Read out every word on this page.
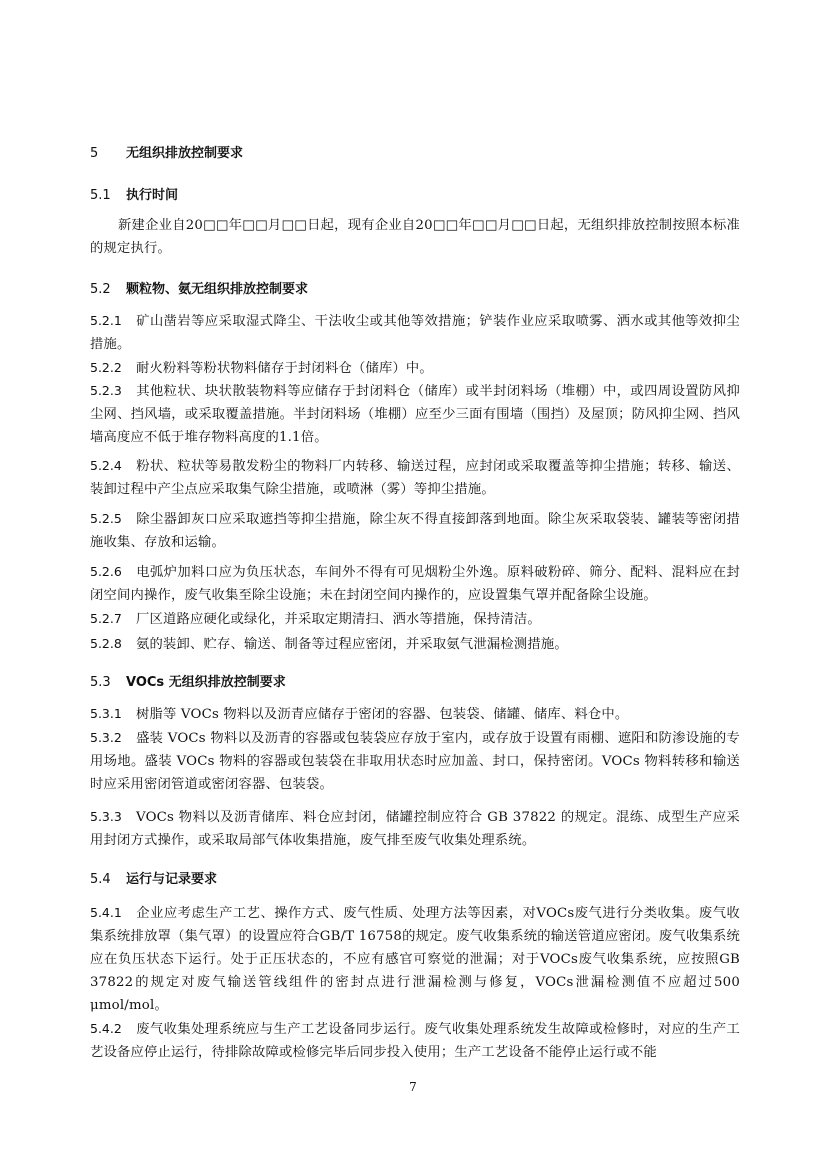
5 无组织排放控制要求
5.1 执行时间
新建企业自20□□年□□月□□日起，现有企业自20□□年□□月□□日起，无组织排放控制按照本标准的规定执行。
5.2 颗粒物、氨无组织排放控制要求
5.2.1 矿山凿岩等应采取湿式降尘、干法收尘或其他等效措施；铲装作业应采取喷雾、洒水或其他等效抑尘措施。
5.2.2 耐火粉料等粉状物料储存于封闭料仓（储库）中。
5.2.3 其他粒状、块状散装物料等应储存于封闭料仓（储库）或半封闭料场（堆棚）中，或四周设置防风抑尘网、挡风墙，或采取覆盖措施。半封闭料场（堆棚）应至少三面有围墙（围挡）及屋顶；防风抑尘网、挡风墙高度应不低于堆存物料高度的1.1倍。
5.2.4 粉状、粒状等易散发粉尘的物料厂内转移、输送过程，应封闭或采取覆盖等抑尘措施；转移、输送、装卸过程中产尘点应采取集气除尘措施，或喷淋（雾）等抑尘措施。
5.2.5 除尘器卸灰口应采取遮挡等抑尘措施，除尘灰不得直接卸落到地面。除尘灰采取袋装、罐装等密闭措施收集、存放和运输。
5.2.6 电弧炉加料口应为负压状态，车间外不得有可见烟粉尘外逸。原料破粉碎、筛分、配料、混料应在封闭空间内操作，废气收集至除尘设施；未在封闭空间内操作的，应设置集气罩并配备除尘设施。
5.2.7 厂区道路应硬化或绿化，并采取定期清扫、洒水等措施，保持清洁。
5.2.8 氨的装卸、贮存、输送、制备等过程应密闭，并采取氨气泄漏检测措施。
5.3 VOCs 无组织排放控制要求
5.3.1 树脂等 VOCs 物料以及沥青应储存于密闭的容器、包装袋、储罐、储库、料仓中。
5.3.2 盛装 VOCs 物料以及沥青的容器或包装袋应存放于室内，或存放于设置有雨棚、遮阳和防渗设施的专用场地。盛装 VOCs 物料的容器或包装袋在非取用状态时应加盖、封口，保持密闭。VOCs 物料转移和输送时应采用密闭管道或密闭容器、包装袋。
5.3.3 VOCs 物料以及沥青储库、料仓应封闭，储罐控制应符合 GB 37822 的规定。混练、成型生产应采用封闭方式操作，或采取局部气体收集措施，废气排至废气收集处理系统。
5.4 运行与记录要求
5.4.1 企业应考虑生产工艺、操作方式、废气性质、处理方法等因素，对VOCs废气进行分类收集。废气收集系统排放罩（集气罩）的设置应符合GB/T 16758的规定。废气收集系统的输送管道应密闭。废气收集系统应在负压状态下运行。处于正压状态的，不应有感官可察觉的泄漏；对于VOCs废气收集系统，应按照GB 37822的规定对废气输送管线组件的密封点进行泄漏检测与修复，VOCs泄漏检测值不应超过500 μmol/mol。
5.4.2 废气收集处理系统应与生产工艺设备同步运行。废气收集处理系统发生故障或检修时，对应的生产工艺设备应停止运行，待排除故障或检修完毕后同步投入使用；生产工艺设备不能停止运行或不能
7
